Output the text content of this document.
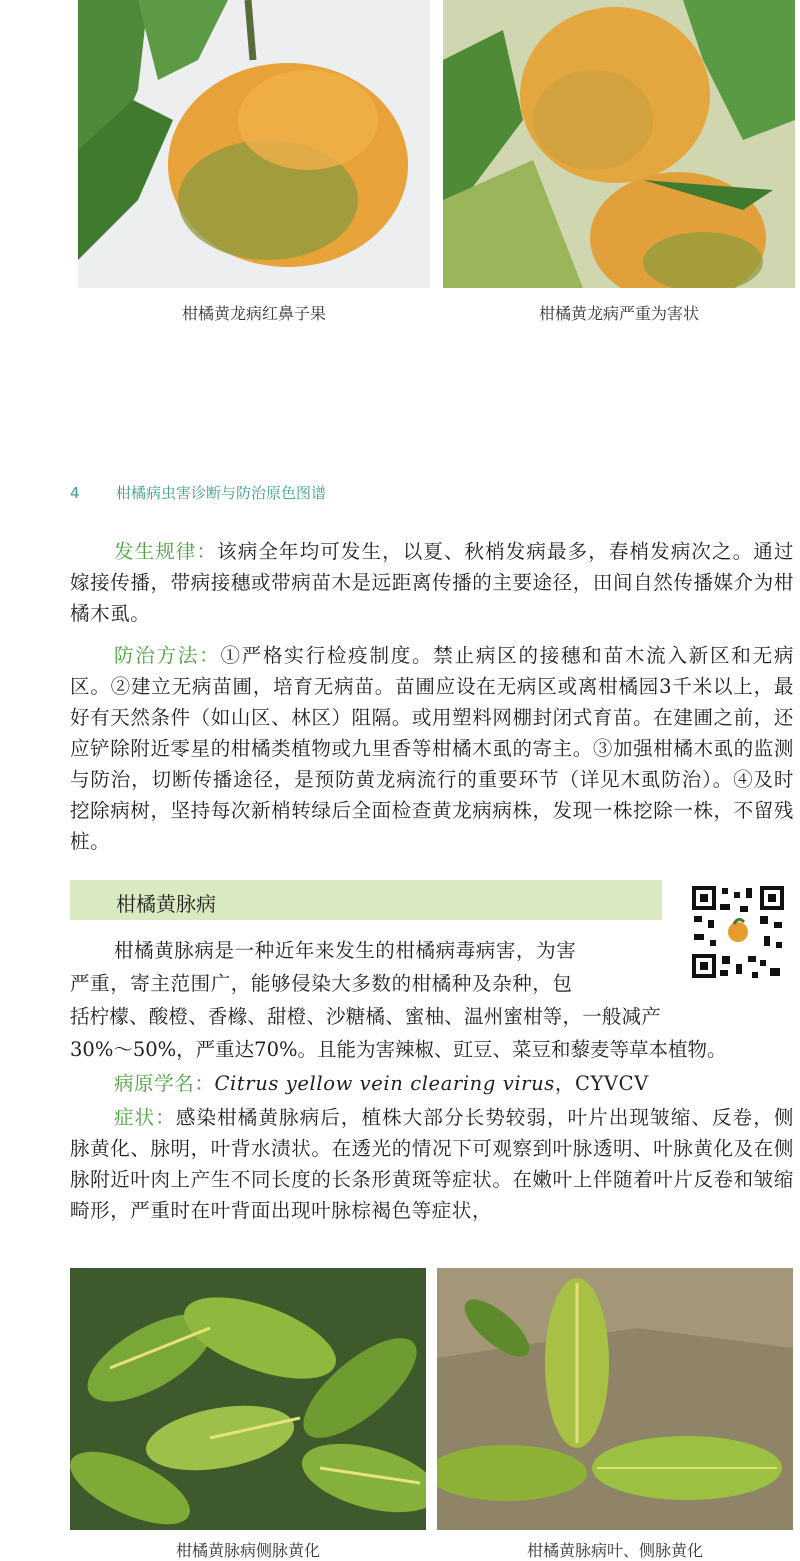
柑橘黄龙病红鼻子果	柑橘黄龙病严重为害状
4 柑橘病虫害诊断与防治原色图谱

发生规律：该病全年均可发生，以夏、秋梢发病最多，春梢发病次之。通过嫁接传播，带病接穗或带病苗木是远距离传播的主要途径，田间自然传播媒介为柑橘木虱。

防治方法：①严格实行检疫制度。禁止病区的接穗和苗木流入新区和无病区。②建立无病苗圃，培育无病苗。苗圃应设在无病区或离柑橘园3千米以上，最好有天然条件（如山区、林区）阻隔。或用塑料网棚封闭式育苗。在建圃之前，还应铲除附近零星的柑橘类植物或九里香等柑橘木虱的寄主。③加强柑橘木虱的监测与防治，切断传播途径，是预防黄龙病流行的重要环节（详见木虱防治）。④及时挖除病树，坚持每次新梢转绿后全面检查黄龙病病株，发现一株挖除一株，不留残桩。

柑橘黄脉病
柑橘黄脉病是一种近年来发生的柑橘病毒病害，为害
严重，寄主范围广，能够侵染大多数的柑橘种及杂种，包
括柠檬、酸橙、香橼、甜橙、沙糖橘、蜜柚、温州蜜柑等，一般减产
30%～50%，严重达70%。且能为害辣椒、豇豆、菜豆和藜麦等草本植物。
病原学名：Citrus yellow vein clearing virus，CYVCV

症状：感染柑橘黄脉病后，植株大部分长势较弱，叶片出现皱缩、反卷，侧脉黄化、脉明，叶背水渍状。在透光的情况下可观察到叶脉透明、叶脉黄化及在侧脉附近叶肉上产生不同长度的长条形黄斑等症状。在嫩叶上伴随着叶片反卷和皱缩畸形，严重时在叶背面出现叶脉棕褐色等症状，

柑橘黄脉病侧脉黄化	柑橘黄脉病叶、侧脉黄化
